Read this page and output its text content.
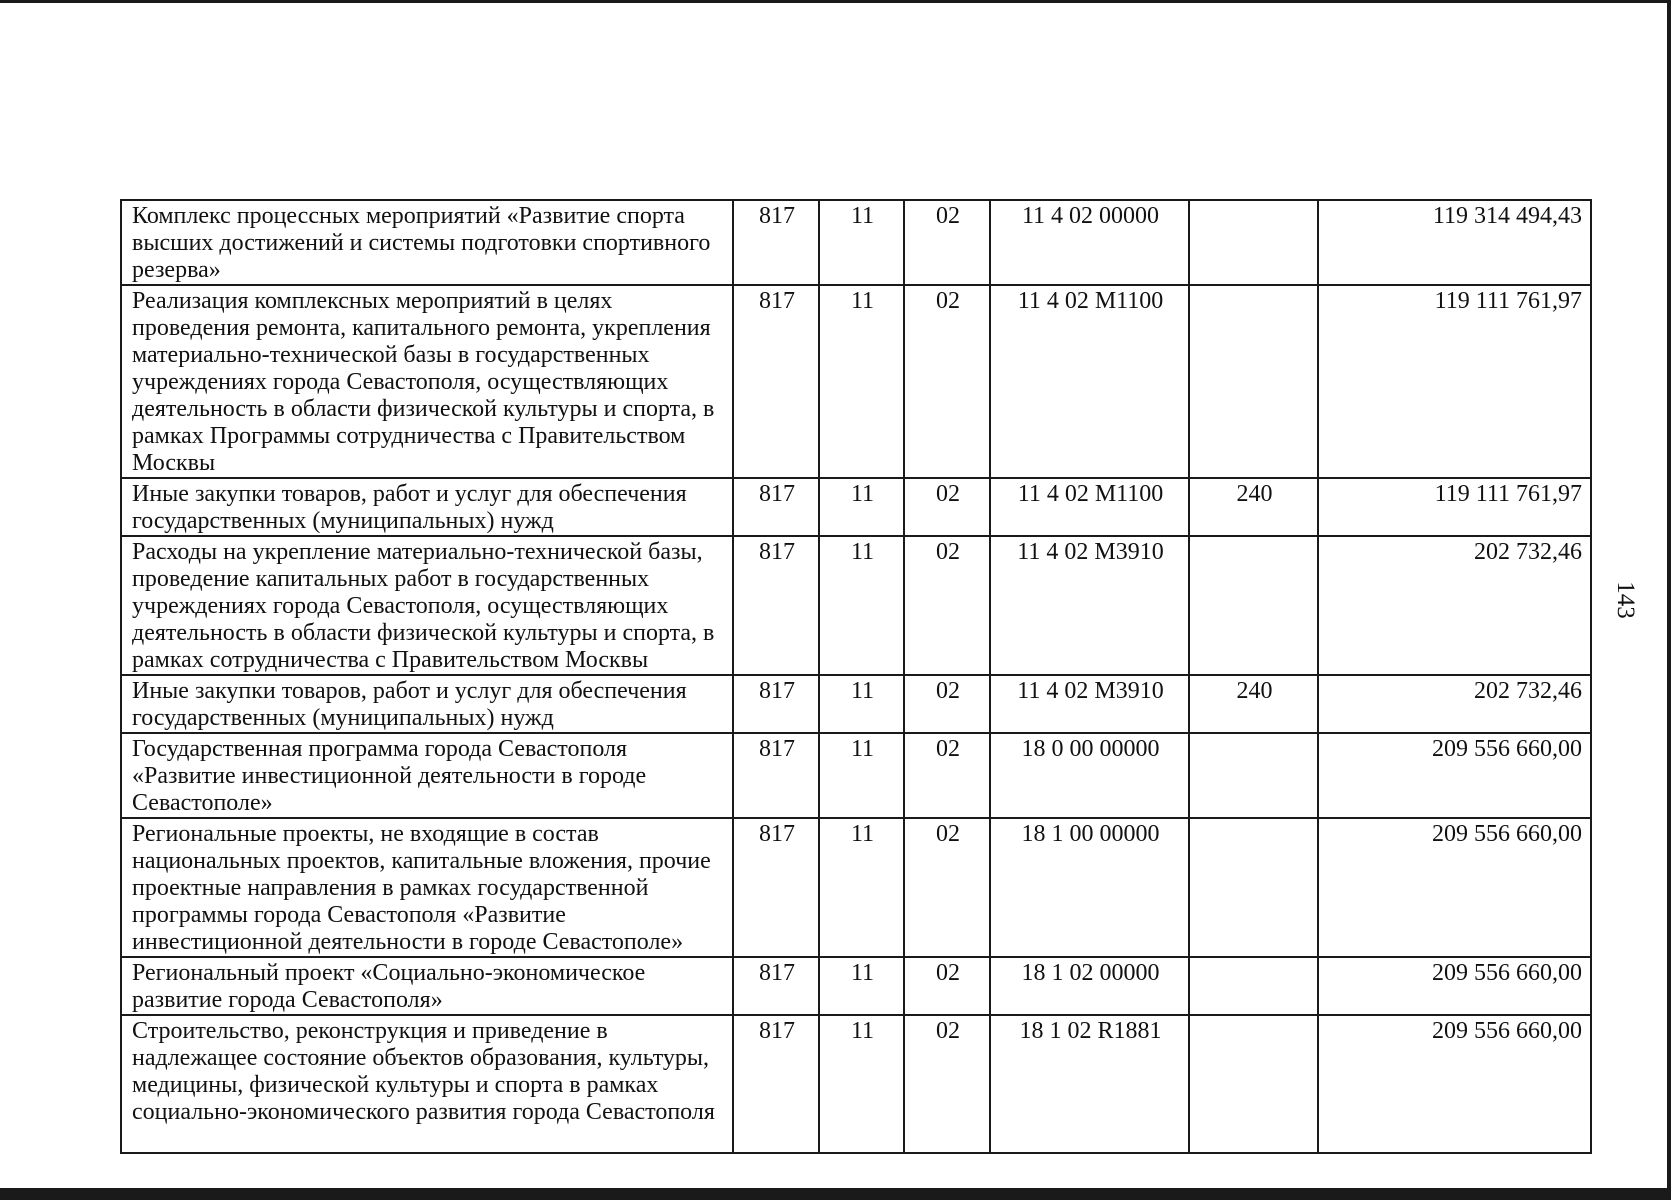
143
Комплекс процессных мероприятий «Развитие спорта высших достижений и системы подготовки спортивного резерва»	817	11	02	11 4 02 00000		119 314 494,43
Реализация комплексных мероприятий в целях проведения ремонта, капитального ремонта, укрепления материально-технической базы в государственных учреждениях города Севастополя, осуществляющих деятельность в области физической культуры и спорта, в рамках Программы сотрудничества с Правительством Москвы	817	11	02	11 4 02 М1100		119 111 761,97
Иные закупки товаров, работ и услуг для обеспечения государственных (муниципальных) нужд	817	11	02	11 4 02 М1100	240	119 111 761,97
Расходы на укрепление материально-технической базы, проведение капитальных работ в государственных учреждениях города Севастополя, осуществляющих деятельность в области физической культуры и спорта, в рамках сотрудничества с Правительством Москвы	817	11	02	11 4 02 М3910		202 732,46
Иные закупки товаров, работ и услуг для обеспечения государственных (муниципальных) нужд	817	11	02	11 4 02 М3910	240	202 732,46
Государственная программа города Севастополя «Развитие инвестиционной деятельности в городе Севастополе»	817	11	02	18 0 00 00000		209 556 660,00
Региональные проекты, не входящие в состав национальных проектов, капитальные вложения, прочие проектные направления в рамках государственной программы города Севастополя «Развитие инвестиционной деятельности в городе Севастополе»	817	11	02	18 1 00 00000		209 556 660,00
Региональный проект «Социально-экономическое развитие города Севастополя»	817	11	02	18 1 02 00000		209 556 660,00
Строительство, реконструкция и приведение в надлежащее состояние объектов образования, культуры, медицины, физической культуры и спорта в рамках социально-экономического развития города Севастополя	817	11	02	18 1 02 R1881		209 556 660,00
